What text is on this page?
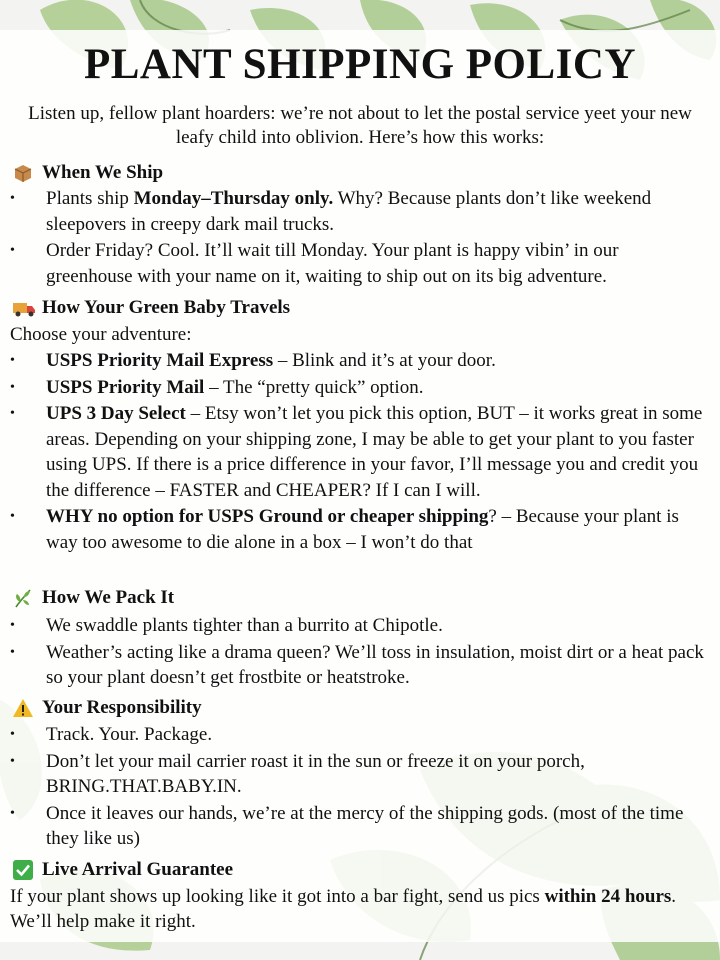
PLANT SHIPPING POLICY

Listen up, fellow plant hoarders: we’re not about to let the postal service yeet your new leafy child into oblivion. Here’s how this works:

When We Ship
• Plants ship Monday–Thursday only. Why? Because plants don’t like weekend sleepovers in creepy dark mail trucks.
• Order Friday? Cool. It’ll wait till Monday. Your plant is happy vibin’ in our greenhouse with your name on it, waiting to ship out on its big adventure.
How Your Green Baby Travels

Choose your adventure:

• USPS Priority Mail Express – Blink and it’s at your door.
• USPS Priority Mail – The “pretty quick” option.
• UPS 3 Day Select – Etsy won’t let you pick this option, BUT – it works great in some areas. Depending on your shipping zone, I may be able to get your plant to you faster using UPS. If there is a price difference in your favor, I’ll message you and credit you the difference – FASTER and CHEAPER? If I can I will.
• WHY no option for USPS Ground or cheaper shipping? – Because your plant is way too awesome to die alone in a box – I won’t do that
How We Pack It
• We swaddle plants tighter than a burrito at Chipotle.
• Weather’s acting like a drama queen? We’ll toss in insulation, moist dirt or a heat pack so your plant doesn’t get frostbite or heatstroke.
Your Responsibility
• Track. Your. Package.
• Don’t let your mail carrier roast it in the sun or freeze it on your porch, BRING.THAT.BABY.IN.
• Once it leaves our hands, we’re at the mercy of the shipping gods. (most of the time they like us)
Live Arrival Guarantee

If your plant shows up looking like it got into a bar fight, send us pics within 24 hours. We’ll help make it right.
